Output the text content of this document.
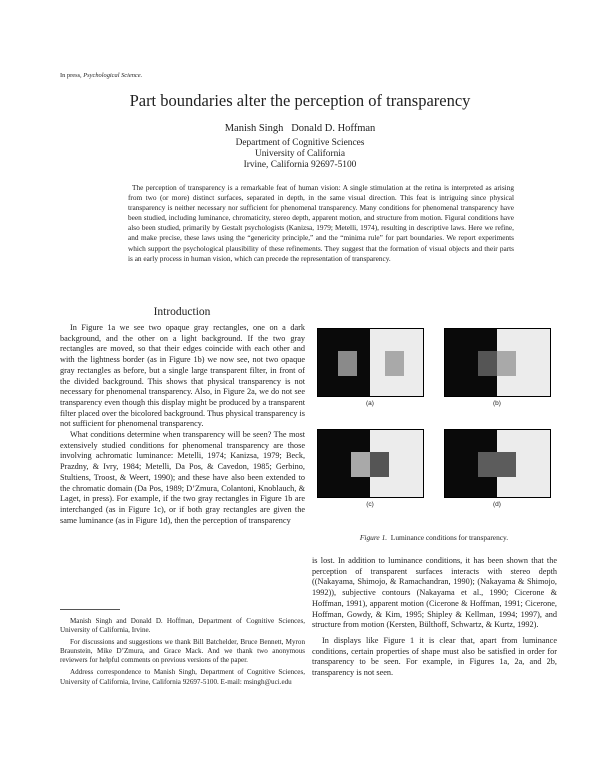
In press, Psychological Science.
Part boundaries alter the perception of transparency
Manish Singh   Donald D. Hoffman
Department of Cognitive Sciences
University of California
Irvine, California 92697-5100

The perception of transparency is a remarkable feat of human vision: A single stimulation at the retina is interpreted as arising from two (or more) distinct surfaces, separated in depth, in the same visual direction. This feat is intriguing since physical transparency is neither necessary nor sufficient for phenomenal transparency. Many conditions for phenomenal transparency have been studied, including luminance, chromaticity, stereo depth, apparent motion, and structure from motion. Figural conditions have also been studied, primarily by Gestalt psychologists (Kanizsa, 1979; Metelli, 1974), resulting in descriptive laws. Here we refine, and make precise, these laws using the “genericity principle,” and the “minima rule” for part boundaries. We report experiments which support the psychological plausibility of these refinements. They suggest that the formation of visual objects and their parts is an early process in human vision, which can precede the representation of transparency.

Introduction

In Figure 1a we see two opaque gray rectangles, one on a dark background, and the other on a light background. If the two gray rectangles are moved, so that their edges coincide with each other and with the lightness border (as in Figure 1b) we now see, not two opaque gray rectangles as before, but a single large transparent filter, in front of the divided background. This shows that physical transparency is not necessary for phenomenal transparency. Also, in Figure 2a, we do not see transparency even though this display might be produced by a transparent filter placed over the bicolored background. Thus physical transparency is not sufficient for phenomenal transparency.

What conditions determine when transparency will be seen? The most extensively studied conditions for phenomenal transparency are those involving achromatic luminance: Metelli, 1974; Kanizsa, 1979; Beck, Prazdny, & Ivry, 1984; Metelli, Da Pos, & Cavedon, 1985; Gerbino, Stultiens, Troost, & Weert, 1990); and these have also been extended to the chromatic domain (Da Pos, 1989; D’Zmura, Colantoni, Knoblauch, & Laget, in press). For example, if the two gray rectangles in Figure 1b are interchanged (as in Figure 1c), or if both gray rectangles are given the same luminance (as in Figure 1d), then the perception of transparency

Manish Singh and Donald D. Hoffman, Department of Cognitive Sciences, University of California, Irvine.

For discussions and suggestions we thank Bill Batchelder, Bruce Bennett, Myron Braunstein, Mike D’Zmura, and Grace Mack. And we thank two anonymous reviewers for helpful comments on previous versions of the paper.

Address correspondence to Manish Singh, Department of Cognitive Sciences, University of California, Irvine, California 92697-5100. E-mail: msingh@uci.edu

(a)	(b)
(c)	(d)
Figure 1.  Luminance conditions for transparency.

is lost. In addition to luminance conditions, it has been shown that the perception of transparent surfaces interacts with stereo depth ((Nakayama, Shimojo, & Ramachandran, 1990); (Nakayama & Shimojo, 1992)), subjective contours (Nakayama et al., 1990; Cicerone & Hoffman, 1991), apparent motion (Cicerone & Hoffman, 1991; Cicerone, Hoffman, Gowdy, & Kim, 1995; Shipley & Kellman, 1994; 1997), and structure from motion (Kersten, Bülthoff, Schwartz, & Kurtz, 1992).

In displays like Figure 1 it is clear that, apart from luminance conditions, certain properties of shape must also be satisfied in order for transparency to be seen. For example, in Figures 1a, 2a, and 2b, transparency is not seen.
